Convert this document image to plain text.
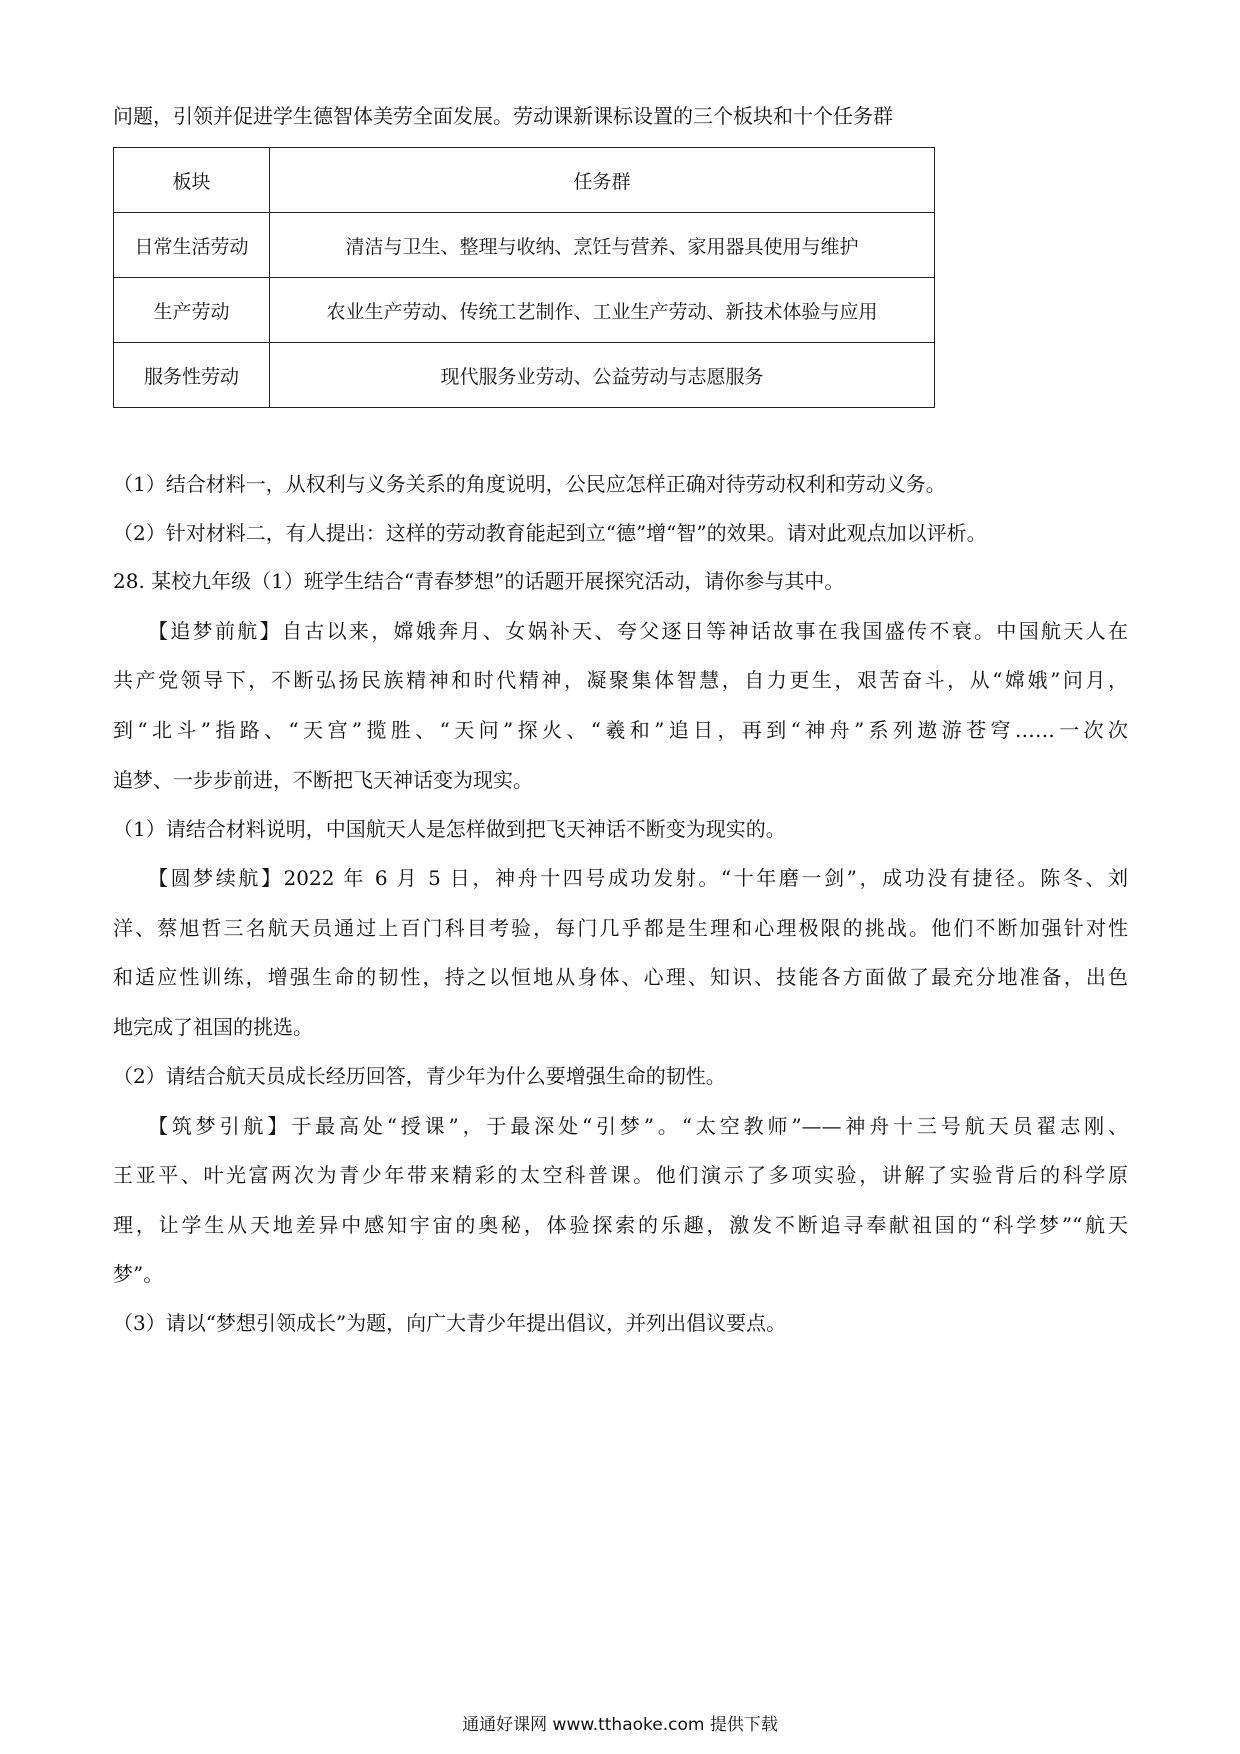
问题，引领并促进学生德智体美劳全面发展。劳动课新课标设置的三个板块和十个任务群
板块	任务群
日常生活劳动	清洁与卫生、整理与收纳、烹饪与营养、家用器具使用与维护
生产劳动	农业生产劳动、传统工艺制作、工业生产劳动、新技术体验与应用
服务性劳动	现代服务业劳动、公益劳动与志愿服务
（1）结合材料一，从权利与义务关系的角度说明，公民应怎样正确对待劳动权利和劳动义务。
（2）针对材料二，有人提出：这样的劳动教育能起到立“德”增“智”的效果。请对此观点加以评析。
28. 某校九年级（1）班学生结合“青春梦想”的话题开展探究活动，请你参与其中。
【追梦前航】自古以来，嫦娥奔月、女娲补天、夸父逐日等神话故事在我国盛传不衰。中国航天人在
共产党领导下，不断弘扬民族精神和时代精神，凝聚集体智慧，自力更生，艰苦奋斗，从“嫦娥”问月，
到“北斗”指路、“天宫”揽胜、“天问”探火、“羲和”追日，再到“神舟”系列遨游苍穹……一次次
追梦、一步步前进，不断把飞天神话变为现实。
（1）请结合材料说明，中国航天人是怎样做到把飞天神话不断变为现实的。
【圆梦续航】2022 年 6 月 5 日，神舟十四号成功发射。“十年磨一剑”，成功没有捷径。陈冬、刘
洋、蔡旭哲三名航天员通过上百门科目考验，每门几乎都是生理和心理极限的挑战。他们不断加强针对性
和适应性训练，增强生命的韧性，持之以恒地从身体、心理、知识、技能各方面做了最充分地准备，出色
地完成了祖国的挑选。
（2）请结合航天员成长经历回答，青少年为什么要增强生命的韧性。
【筑梦引航】于最高处“授课”，于最深处“引梦”。“太空教师”——神舟十三号航天员翟志刚、
王亚平、叶光富两次为青少年带来精彩的太空科普课。他们演示了多项实验，讲解了实验背后的科学原
理，让学生从天地差异中感知宇宙的奥秘，体验探索的乐趣，激发不断追寻奉献祖国的“科学梦”“航天
梦”。
（3）请以“梦想引领成长”为题，向广大青少年提出倡议，并列出倡议要点。
通通好课网 www.tthaoke.com 提供下载
